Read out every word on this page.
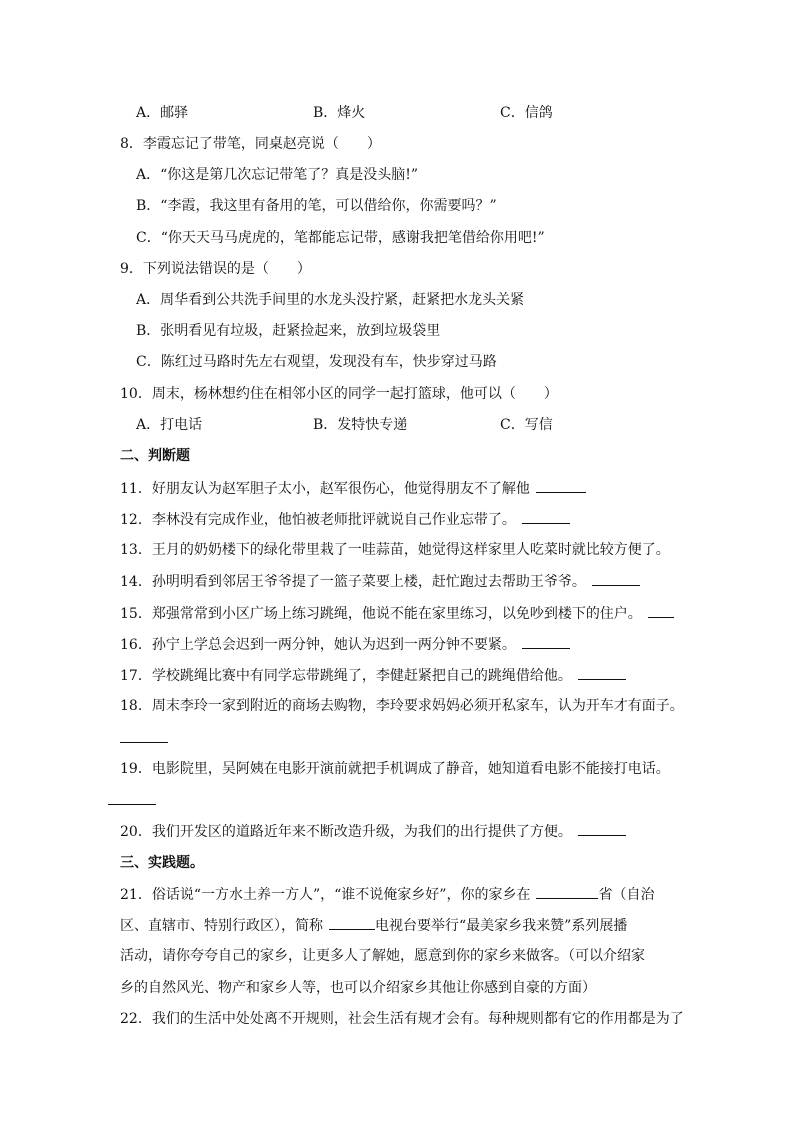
A．邮驿	B．烽火	C．信鸽
8．李霞忘记了带笔，同桌赵亮说（　　）
A．“你这是第几次忘记带笔了？真是没头脑!”
B．“李霞，我这里有备用的笔，可以借给你，你需要吗？”
C．“你天天马马虎虎的，笔都能忘记带，感谢我把笔借给你用吧!”
9．下列说法错误的是（　　）
A．周华看到公共洗手间里的水龙头没拧紧，赶紧把水龙头关紧
B．张明看见有垃圾，赶紧捡起来，放到垃圾袋里
C．陈红过马路时先左右观望，发现没有车，快步穿过马路
10．周末，杨林想约住在相邻小区的同学一起打篮球，他可以（　　）
A．打电话	B．发特快专递	C．写信
二、判断题
11．好朋友认为赵军胆子太小，赵军很伤心，他觉得朋友不了解他
12．李林没有完成作业，他怕被老师批评就说自己作业忘带了。
13．王月的奶奶楼下的绿化带里栽了一哇蒜苗，她觉得这样家里人吃菜时就比较方便了。
14．孙明明看到邻居王爷爷提了一篮子菜要上楼，赶忙跑过去帮助王爷爷。
15．郑强常常到小区广场上练习跳绳，他说不能在家里练习，以免吵到楼下的住户。
16．孙宁上学总会迟到一两分钟，她认为迟到一两分钟不要紧。
17．学校跳绳比赛中有同学忘带跳绳了，李健赶紧把自己的跳绳借给他。
18．周末李玲一家到附近的商场去购物，李玲要求妈妈必须开私家车，认为开车才有面子。
19．电影院里，吴阿姨在电影开演前就把手机调成了静音，她知道看电影不能接打电话。
20．我们开发区的道路近年来不断改造升级，为我们的出行提供了方便。
三、实践题。
21．俗话说“一方水土养一方人”，“谁不说俺家乡好”，你的家乡在	省（自治
区、直辖市、特别行政区），简称	电视台要举行“最美家乡我来赞”系列展播
活动，请你夸夸自己的家乡，让更多人了解她，愿意到你的家乡来做客。（可以介绍家
乡的自然风光、物产和家乡人等，也可以介绍家乡其他让你感到自豪的方面）
22．我们的生活中处处离不开规则，社会生活有规才会有。每种规则都有它的作用都是为了
